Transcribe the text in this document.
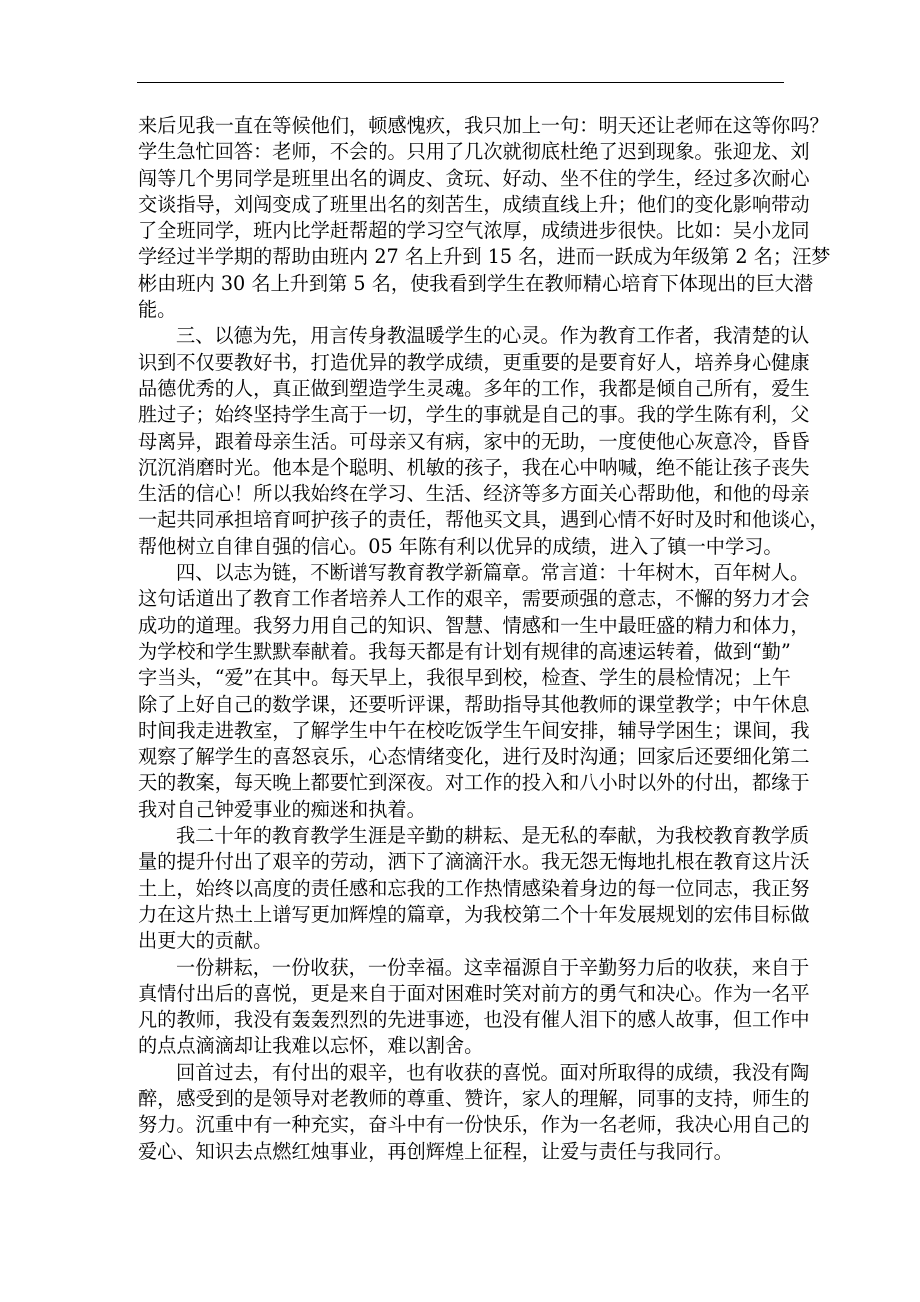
来后见我一直在等候他们，顿感愧疚，我只加上一句：明天还让老师在这等你吗？
学生急忙回答：老师，不会的。只用了几次就彻底杜绝了迟到现象。张迎龙、刘
闯等几个男同学是班里出名的调皮、贪玩、好动、坐不住的学生，经过多次耐心
交谈指导，刘闯变成了班里出名的刻苦生，成绩直线上升；他们的变化影响带动
了全班同学，班内比学赶帮超的学习空气浓厚，成绩进步很快。比如：吴小龙同
学经过半学期的帮助由班内 27 名上升到 15 名，进而一跃成为年级第 2 名；汪梦
彬由班内 30 名上升到第 5 名，使我看到学生在教师精心培育下体现出的巨大潜
能。
三、以德为先，用言传身教温暖学生的心灵。作为教育工作者，我清楚的认
识到不仅要教好书，打造优异的教学成绩，更重要的是要育好人，培养身心健康
品德优秀的人，真正做到塑造学生灵魂。多年的工作，我都是倾自己所有，爱生
胜过子；始终坚持学生高于一切，学生的事就是自己的事。我的学生陈有利，父
母离异，跟着母亲生活。可母亲又有病，家中的无助，一度使他心灰意冷，昏昏
沉沉消磨时光。他本是个聪明、机敏的孩子，我在心中呐喊，绝不能让孩子丧失
生活的信心！所以我始终在学习、生活、经济等多方面关心帮助他，和他的母亲
一起共同承担培育呵护孩子的责任，帮他买文具，遇到心情不好时及时和他谈心，
帮他树立自律自强的信心。05 年陈有利以优异的成绩，进入了镇一中学习。
四、以志为链，不断谱写教育教学新篇章。常言道：十年树木，百年树人。
这句话道出了教育工作者培养人工作的艰辛，需要顽强的意志，不懈的努力才会
成功的道理。我努力用自己的知识、智慧、情感和一生中最旺盛的精力和体力，
为学校和学生默默奉献着。我每天都是有计划有规律的高速运转着，做到“勤”
字当头，“爱”在其中。每天早上，我很早到校，检查、学生的晨检情况；上午
除了上好自己的数学课，还要听评课，帮助指导其他教师的课堂教学；中午休息
时间我走进教室，了解学生中午在校吃饭学生午间安排，辅导学困生；课间，我
观察了解学生的喜怒哀乐，心态情绪变化，进行及时沟通；回家后还要细化第二
天的教案，每天晚上都要忙到深夜。对工作的投入和八小时以外的付出，都缘于
我对自己钟爱事业的痴迷和执着。
我二十年的教育教学生涯是辛勤的耕耘、是无私的奉献，为我校教育教学质
量的提升付出了艰辛的劳动，洒下了滴滴汗水。我无怨无悔地扎根在教育这片沃
土上，始终以高度的责任感和忘我的工作热情感染着身边的每一位同志，我正努
力在这片热土上谱写更加辉煌的篇章，为我校第二个十年发展规划的宏伟目标做
出更大的贡献。
一份耕耘，一份收获，一份幸福。这幸福源自于辛勤努力后的收获，来自于
真情付出后的喜悦，更是来自于面对困难时笑对前方的勇气和决心。作为一名平
凡的教师，我没有轰轰烈烈的先进事迹，也没有催人泪下的感人故事，但工作中
的点点滴滴却让我难以忘怀，难以割舍。
回首过去，有付出的艰辛，也有收获的喜悦。面对所取得的成绩，我没有陶
醉，感受到的是领导对老教师的尊重、赞许，家人的理解，同事的支持，师生的
努力。沉重中有一种充实，奋斗中有一份快乐，作为一名老师，我决心用自己的
爱心、知识去点燃红烛事业，再创辉煌上征程，让爱与责任与我同行。
